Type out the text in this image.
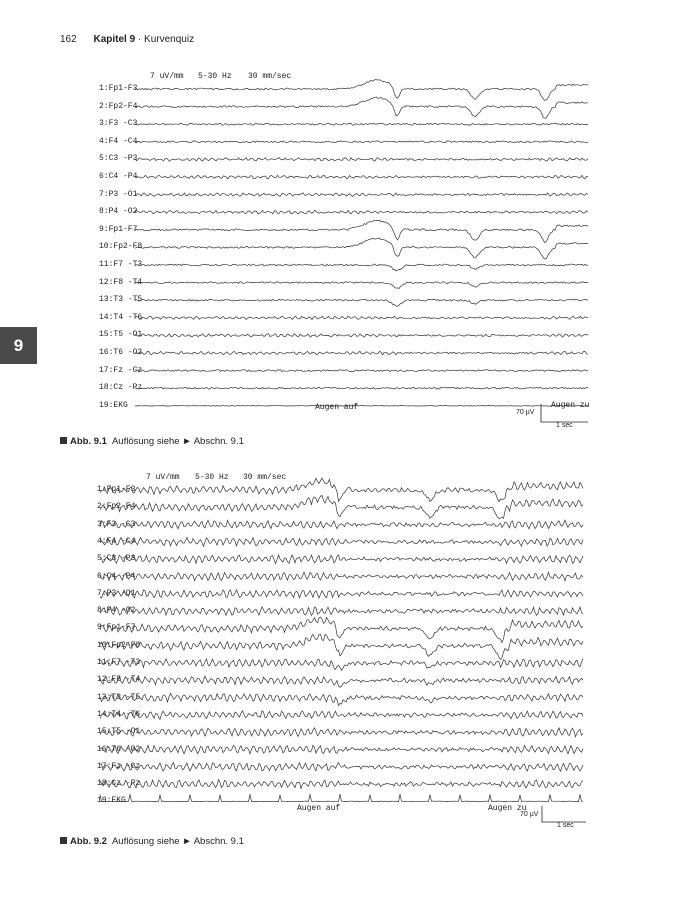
162 Kapitel 9 · Kurvenquiz
9
7 uV/mm 5-30 Hz 30 mm/sec
1:Fp1-F3
2:Fp2-F4
3:F3 -C3
4:F4 -C4
5:C3 -P3
6:C4 -P4
7:P3 -O1
8:P4 -O2
9:Fp1-F7
10:Fp2-F8
11:F7 -T3
12:F8 -T4
13:T3 -T5
14:T4 -T6
15:T5 -O1
16:T6 -O2
17:Fz -Cz
18:Cz -Pz
19:EKG	Augen auf	Augen zu
70 µV
1 sec
Abb. 9.1 Auflösung siehe ► Abschn. 9.1
7 uV/mm 5-30 Hz 30 mm/sec
1:Fp1-F3
2:Fp2-F4
3:F3 -C3
4:F4 -C4
5:C3 -P3
6:C4 -P4
7:P3 -O1
8:P4 -O2
9:Fp1-F7
10:Fp2-F8
11:F7 -T3
12:F8 -T4
13:T3 -T5
14:T4 -T6
15:T5 -O1
16:T6 -O2
17:Fz -Cz
18:Cz -Pz
19:EKG
Augen auf	Augen zu
70 µV
1 sec
Abb. 9.2 Auflösung siehe ► Abschn. 9.1
